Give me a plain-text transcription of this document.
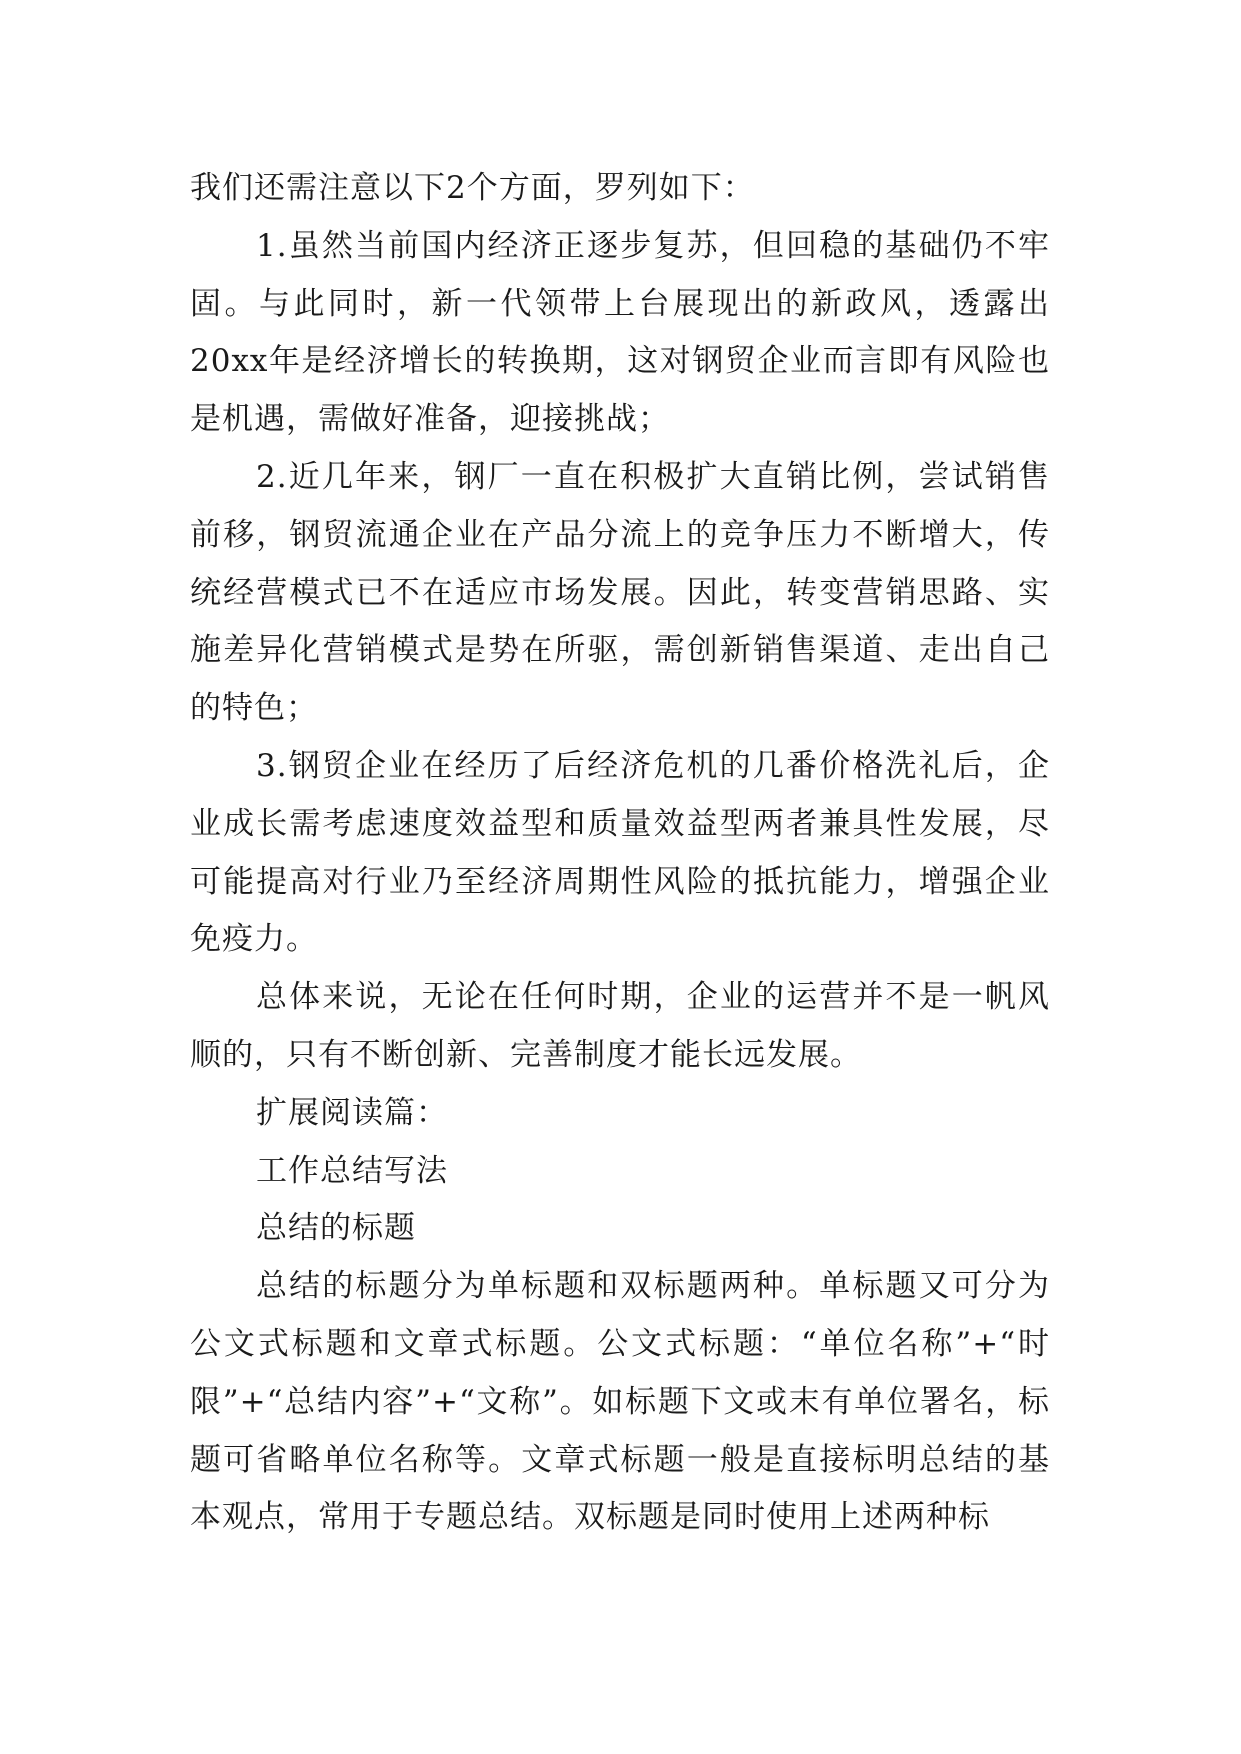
我们还需注意以下2个方面，罗列如下：

1.虽然当前国内经济正逐步复苏，但回稳的基础仍不牢固。与此同时，新一代领带上台展现出的新政风，透露出20xx年是经济增长的转换期，这对钢贸企业而言即有风险也是机遇，需做好准备，迎接挑战；

2.近几年来，钢厂一直在积极扩大直销比例，尝试销售前移，钢贸流通企业在产品分流上的竞争压力不断增大，传统经营模式已不在适应市场发展。因此，转变营销思路、实施差异化营销模式是势在所驱，需创新销售渠道、走出自己的特色；

3.钢贸企业在经历了后经济危机的几番价格洗礼后，企业成长需考虑速度效益型和质量效益型两者兼具性发展，尽可能提高对行业乃至经济周期性风险的抵抗能力，增强企业免疫力。

总体来说，无论在任何时期，企业的运营并不是一帆风顺的，只有不断创新、完善制度才能长远发展。

扩展阅读篇：

工作总结写法

总结的标题

总结的标题分为单标题和双标题两种。单标题又可分为公文式标题和文章式标题。公文式标题：“单位名称”+“时限”+“总结内容”+“文称”。如标题下文或末有单位署名，标题可省略单位名称等。文章式标题一般是直接标明总结的基本观点，常用于专题总结。双标题是同时使用上述两种标
